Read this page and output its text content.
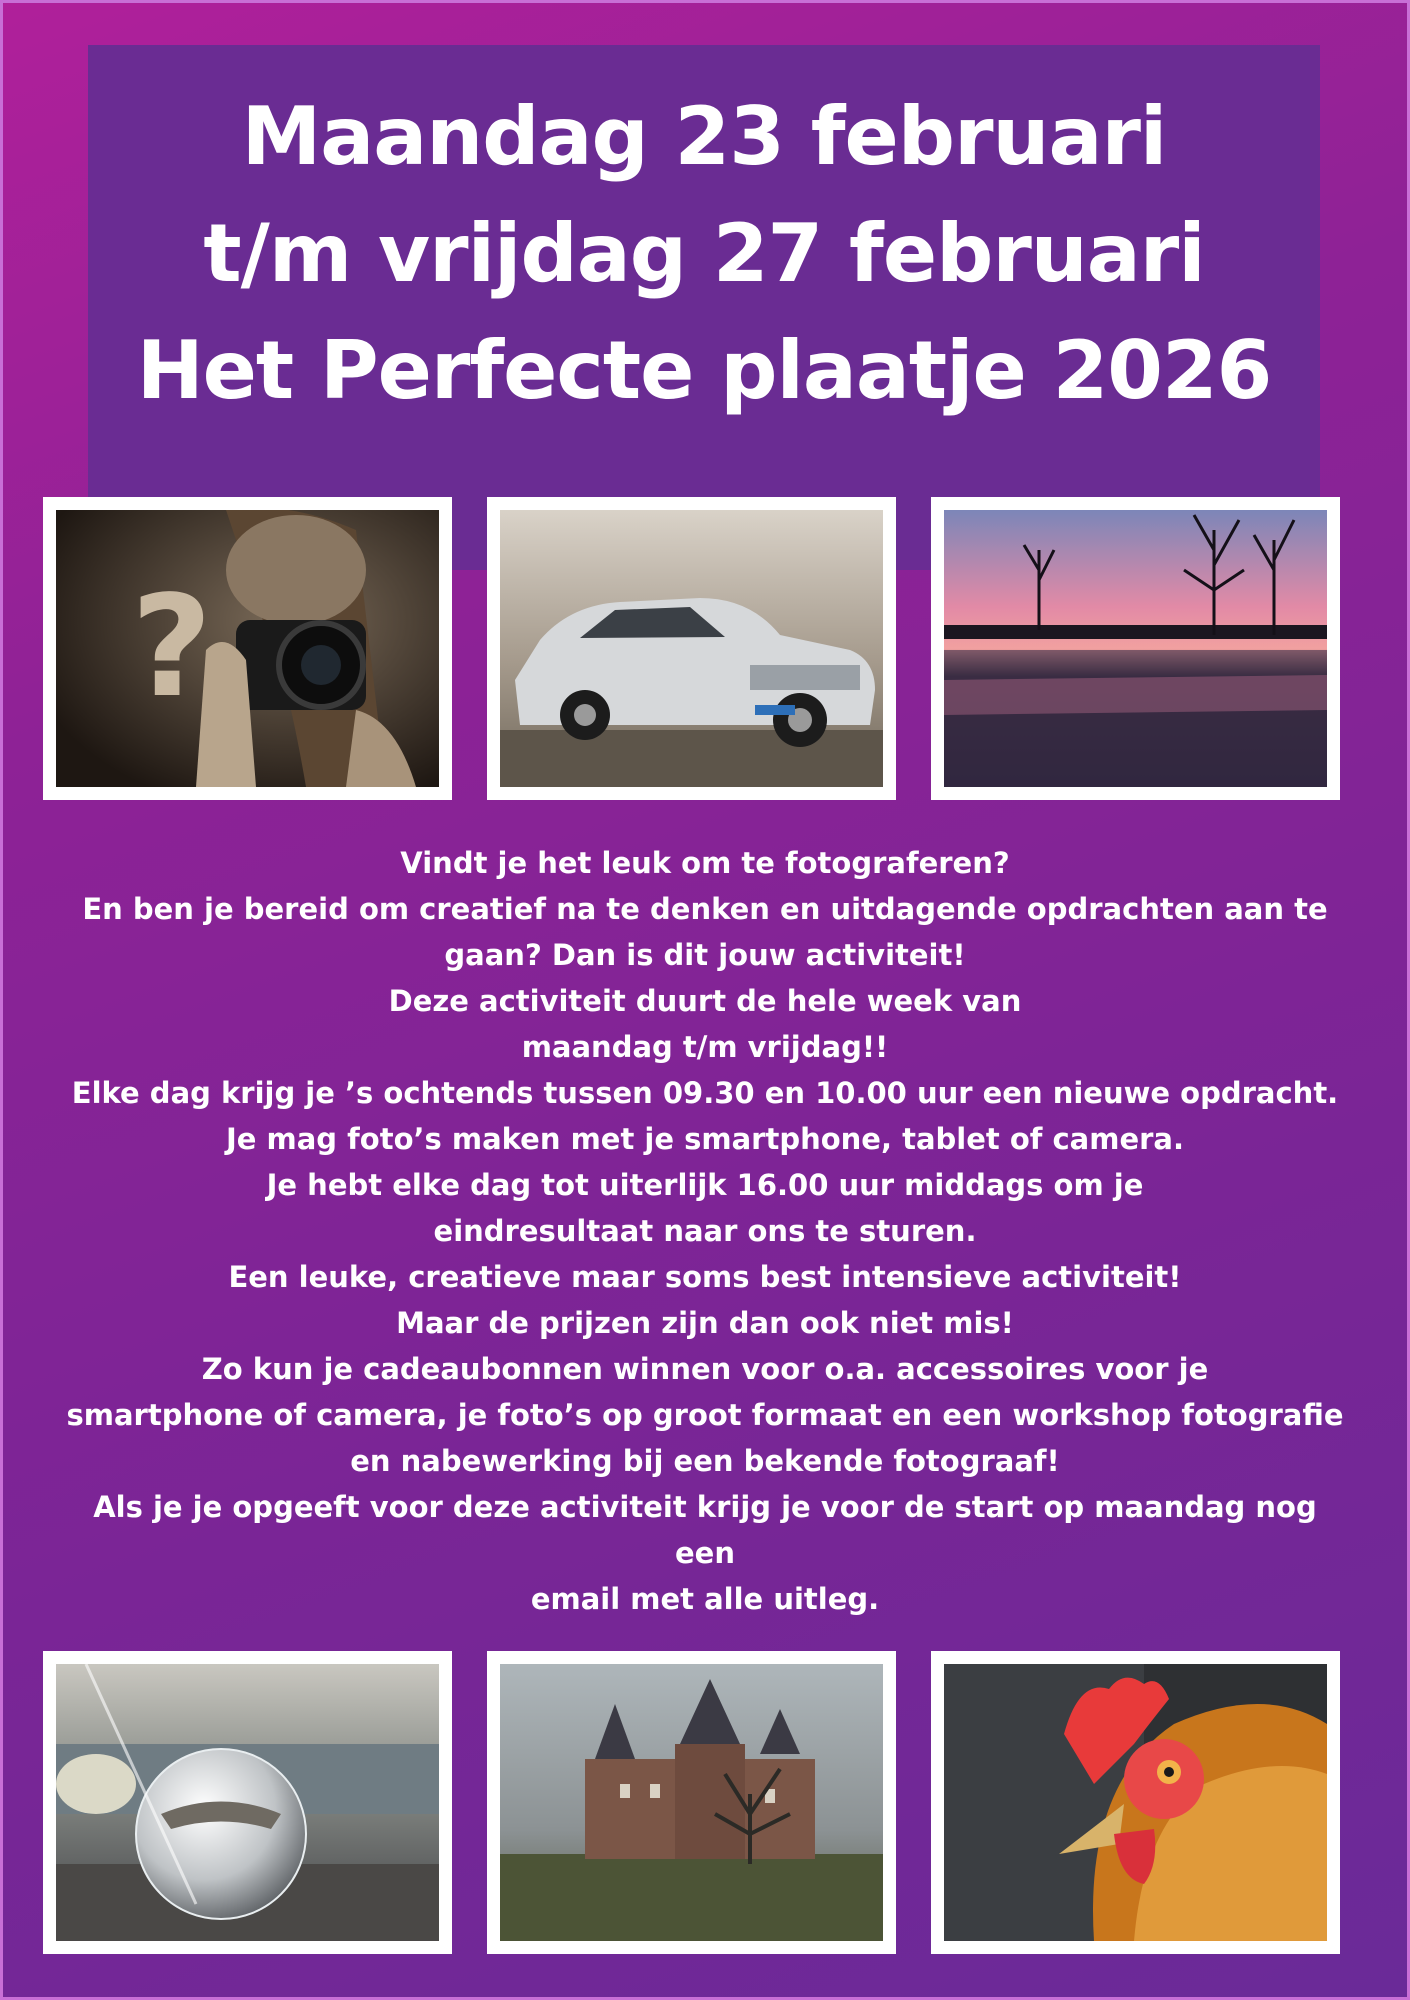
Maandag 23 februari
t/m vrijdag 27 februari
Het Perfecte plaatje 2026
?

Vindt je het leuk om te fotograferen?

En ben je bereid om creatief na te denken en uitdagende opdrachten aan te

gaan? Dan is dit jouw activiteit!

Deze activiteit duurt de hele week van

maandag t/m vrijdag!!

Elke dag krijg je ’s ochtends tussen 09.30 en 10.00 uur een nieuwe opdracht.

Je mag foto’s maken met je smartphone, tablet of camera.

Je hebt elke dag tot uiterlijk 16.00 uur middags om je

eindresultaat naar ons te sturen.

Een leuke, creatieve maar soms best intensieve activiteit!

Maar de prijzen zijn dan ook niet mis!

Zo kun je cadeaubonnen winnen voor o.a. accessoires voor je

smartphone of camera, je foto’s op groot formaat en een workshop fotografie

en nabewerking bij een bekende fotograaf!

Als je je opgeeft voor deze activiteit krijg je voor de start op maandag nog een

email met alle uitleg.
